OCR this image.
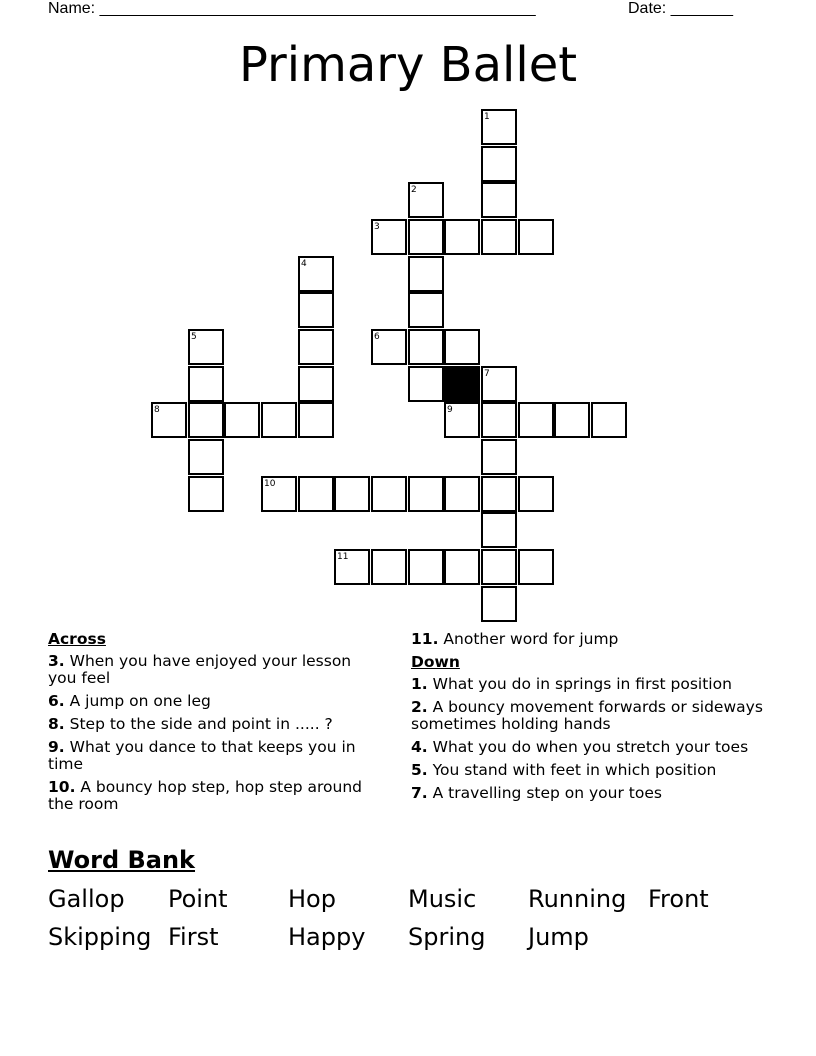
Name: _________________________________________________	Date: _______
Primary Ballet
1
2
3
4
5	6
7
8	9
10
11

Across

3. When you have enjoyed your lesson you feel

6. A jump on one leg

8. Step to the side and point in ..... ?

9. What you dance to that keeps you in time

10. A bouncy hop step, hop step around the room

11. Another word for jump

Down

1. What you do in springs in first position

2. A bouncy movement forwards or sideways sometimes holding hands

4. What you do when you stretch your toes

5. You stand with feet in which position

7. A travelling step on your toes

Word Bank
Gallop Point	Hop	Music Running Front
Skipping First	Happy Spring Jump
